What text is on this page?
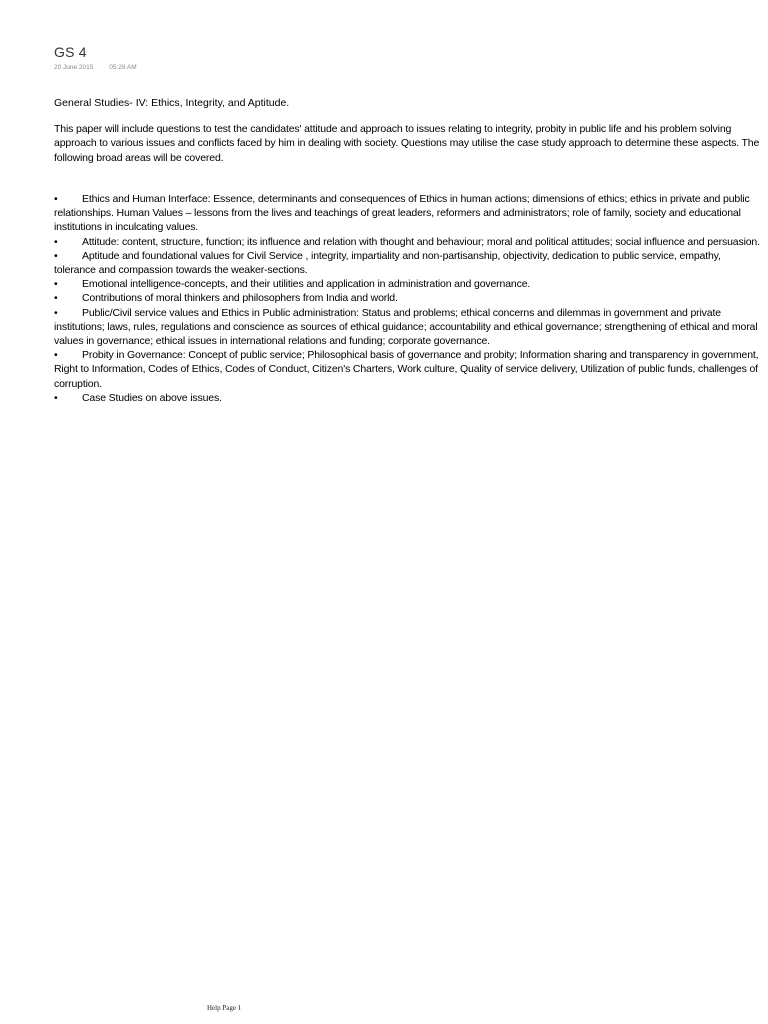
GS 4
20 June 2015 05:28 AM
General Studies- IV: Ethics, Integrity, and Aptitude.
This paper will include questions to test the candidates' attitude and approach to issues relating to integrity, probity in public life and his problem solving approach to various issues and conflicts faced by him in dealing with society. Questions may utilise the case study approach to determine these aspects. The following broad areas will be covered.
• Ethics and Human Interface: Essence, determinants and consequences of Ethics in human actions; dimensions of ethics; ethics in private and public relationships. Human Values – lessons from the lives and teachings of great leaders, reformers and administrators; role of family, society and educational institutions in inculcating values.
• Attitude: content, structure, function; its influence and relation with thought and behaviour; moral and political attitudes; social influence and persuasion.
• Aptitude and foundational values for Civil Service , integrity, impartiality and non-partisanship, objectivity, dedication to public service, empathy, tolerance and compassion towards the weaker-sections.
• Emotional intelligence-concepts, and their utilities and application in administration and governance.
• Contributions of moral thinkers and philosophers from India and world.
• Public/Civil service values and Ethics in Public administration: Status and problems; ethical concerns and dilemmas in government and private institutions; laws, rules, regulations and conscience as sources of ethical guidance; accountability and ethical governance; strengthening of ethical and moral values in governance; ethical issues in international relations and funding; corporate governance.
• Probity in Governance: Concept of public service; Philosophical basis of governance and probity; Information sharing and transparency in government, Right to Information, Codes of Ethics, Codes of Conduct, Citizen's Charters, Work culture, Quality of service delivery, Utilization of public funds, challenges of corruption.
• Case Studies on above issues.
Help Page 1
